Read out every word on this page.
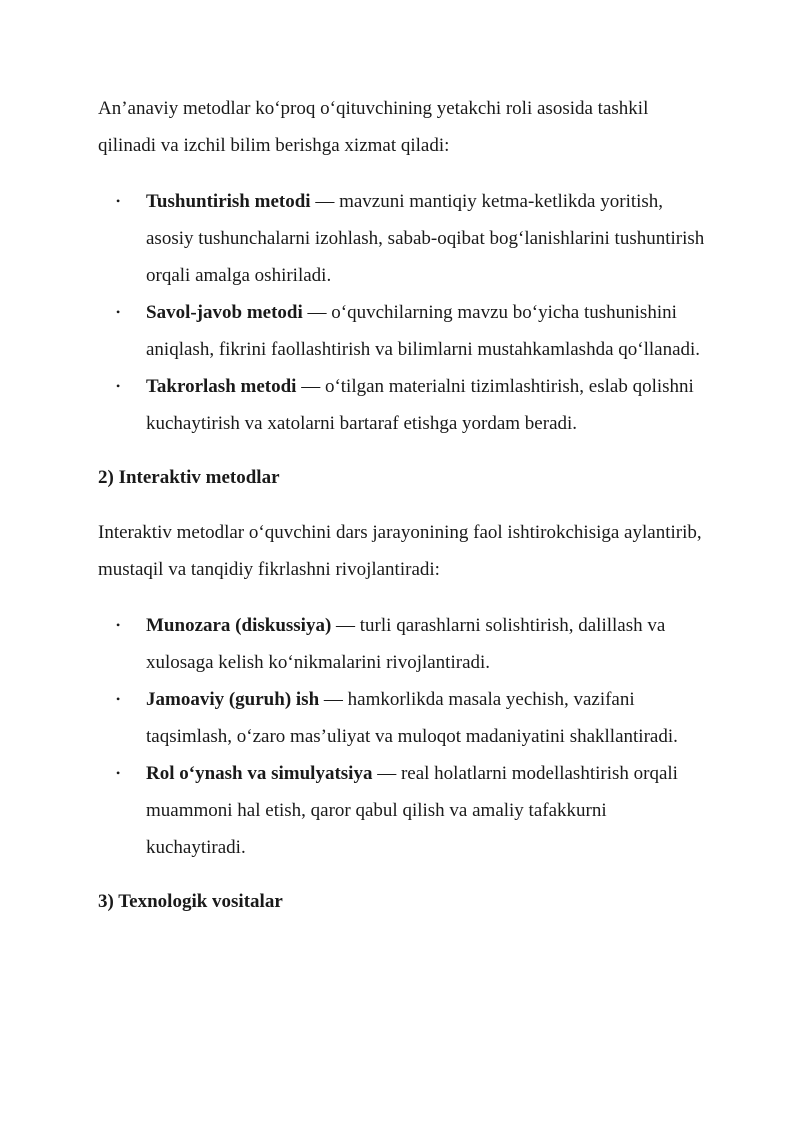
An’anaviy metodlar ko‘proq o‘qituvchining yetakchi roli asosida tashkil qilinadi va izchil bilim berishga xizmat qiladi:

• Tushuntirish metodi — mavzuni mantiqiy ketma-ketlikda yoritish, asosiy tushunchalarni izohlash, sabab-oqibat bog‘lanishlarini tushuntirish orqali amalga oshiriladi.
• Savol-javob metodi — o‘quvchilarning mavzu bo‘yicha tushunishini aniqlash, fikrini faollashtirish va bilimlarni mustahkamlashda qo‘llanadi.
• Takrorlash metodi — o‘tilgan materialni tizimlashtirish, eslab qolishni kuchaytirish va xatolarni bartaraf etishga yordam beradi.
2) Interaktiv metodlar

Interaktiv metodlar o‘quvchini dars jarayonining faol ishtirokchisiga aylantirib, mustaqil va tanqidiy fikrlashni rivojlantiradi:

• Munozara (diskussiya) — turli qarashlarni solishtirish, dalillash va xulosaga kelish ko‘nikmalarini rivojlantiradi.
• Jamoaviy (guruh) ish — hamkorlikda masala yechish, vazifani taqsimlash, o‘zaro mas’uliyat va muloqot madaniyatini shakllantiradi.
• Rol o‘ynash va simulyatsiya — real holatlarni modellashtirish orqali muammoni hal etish, qaror qabul qilish va amaliy tafakkurni kuchaytiradi.
3) Texnologik vositalar
